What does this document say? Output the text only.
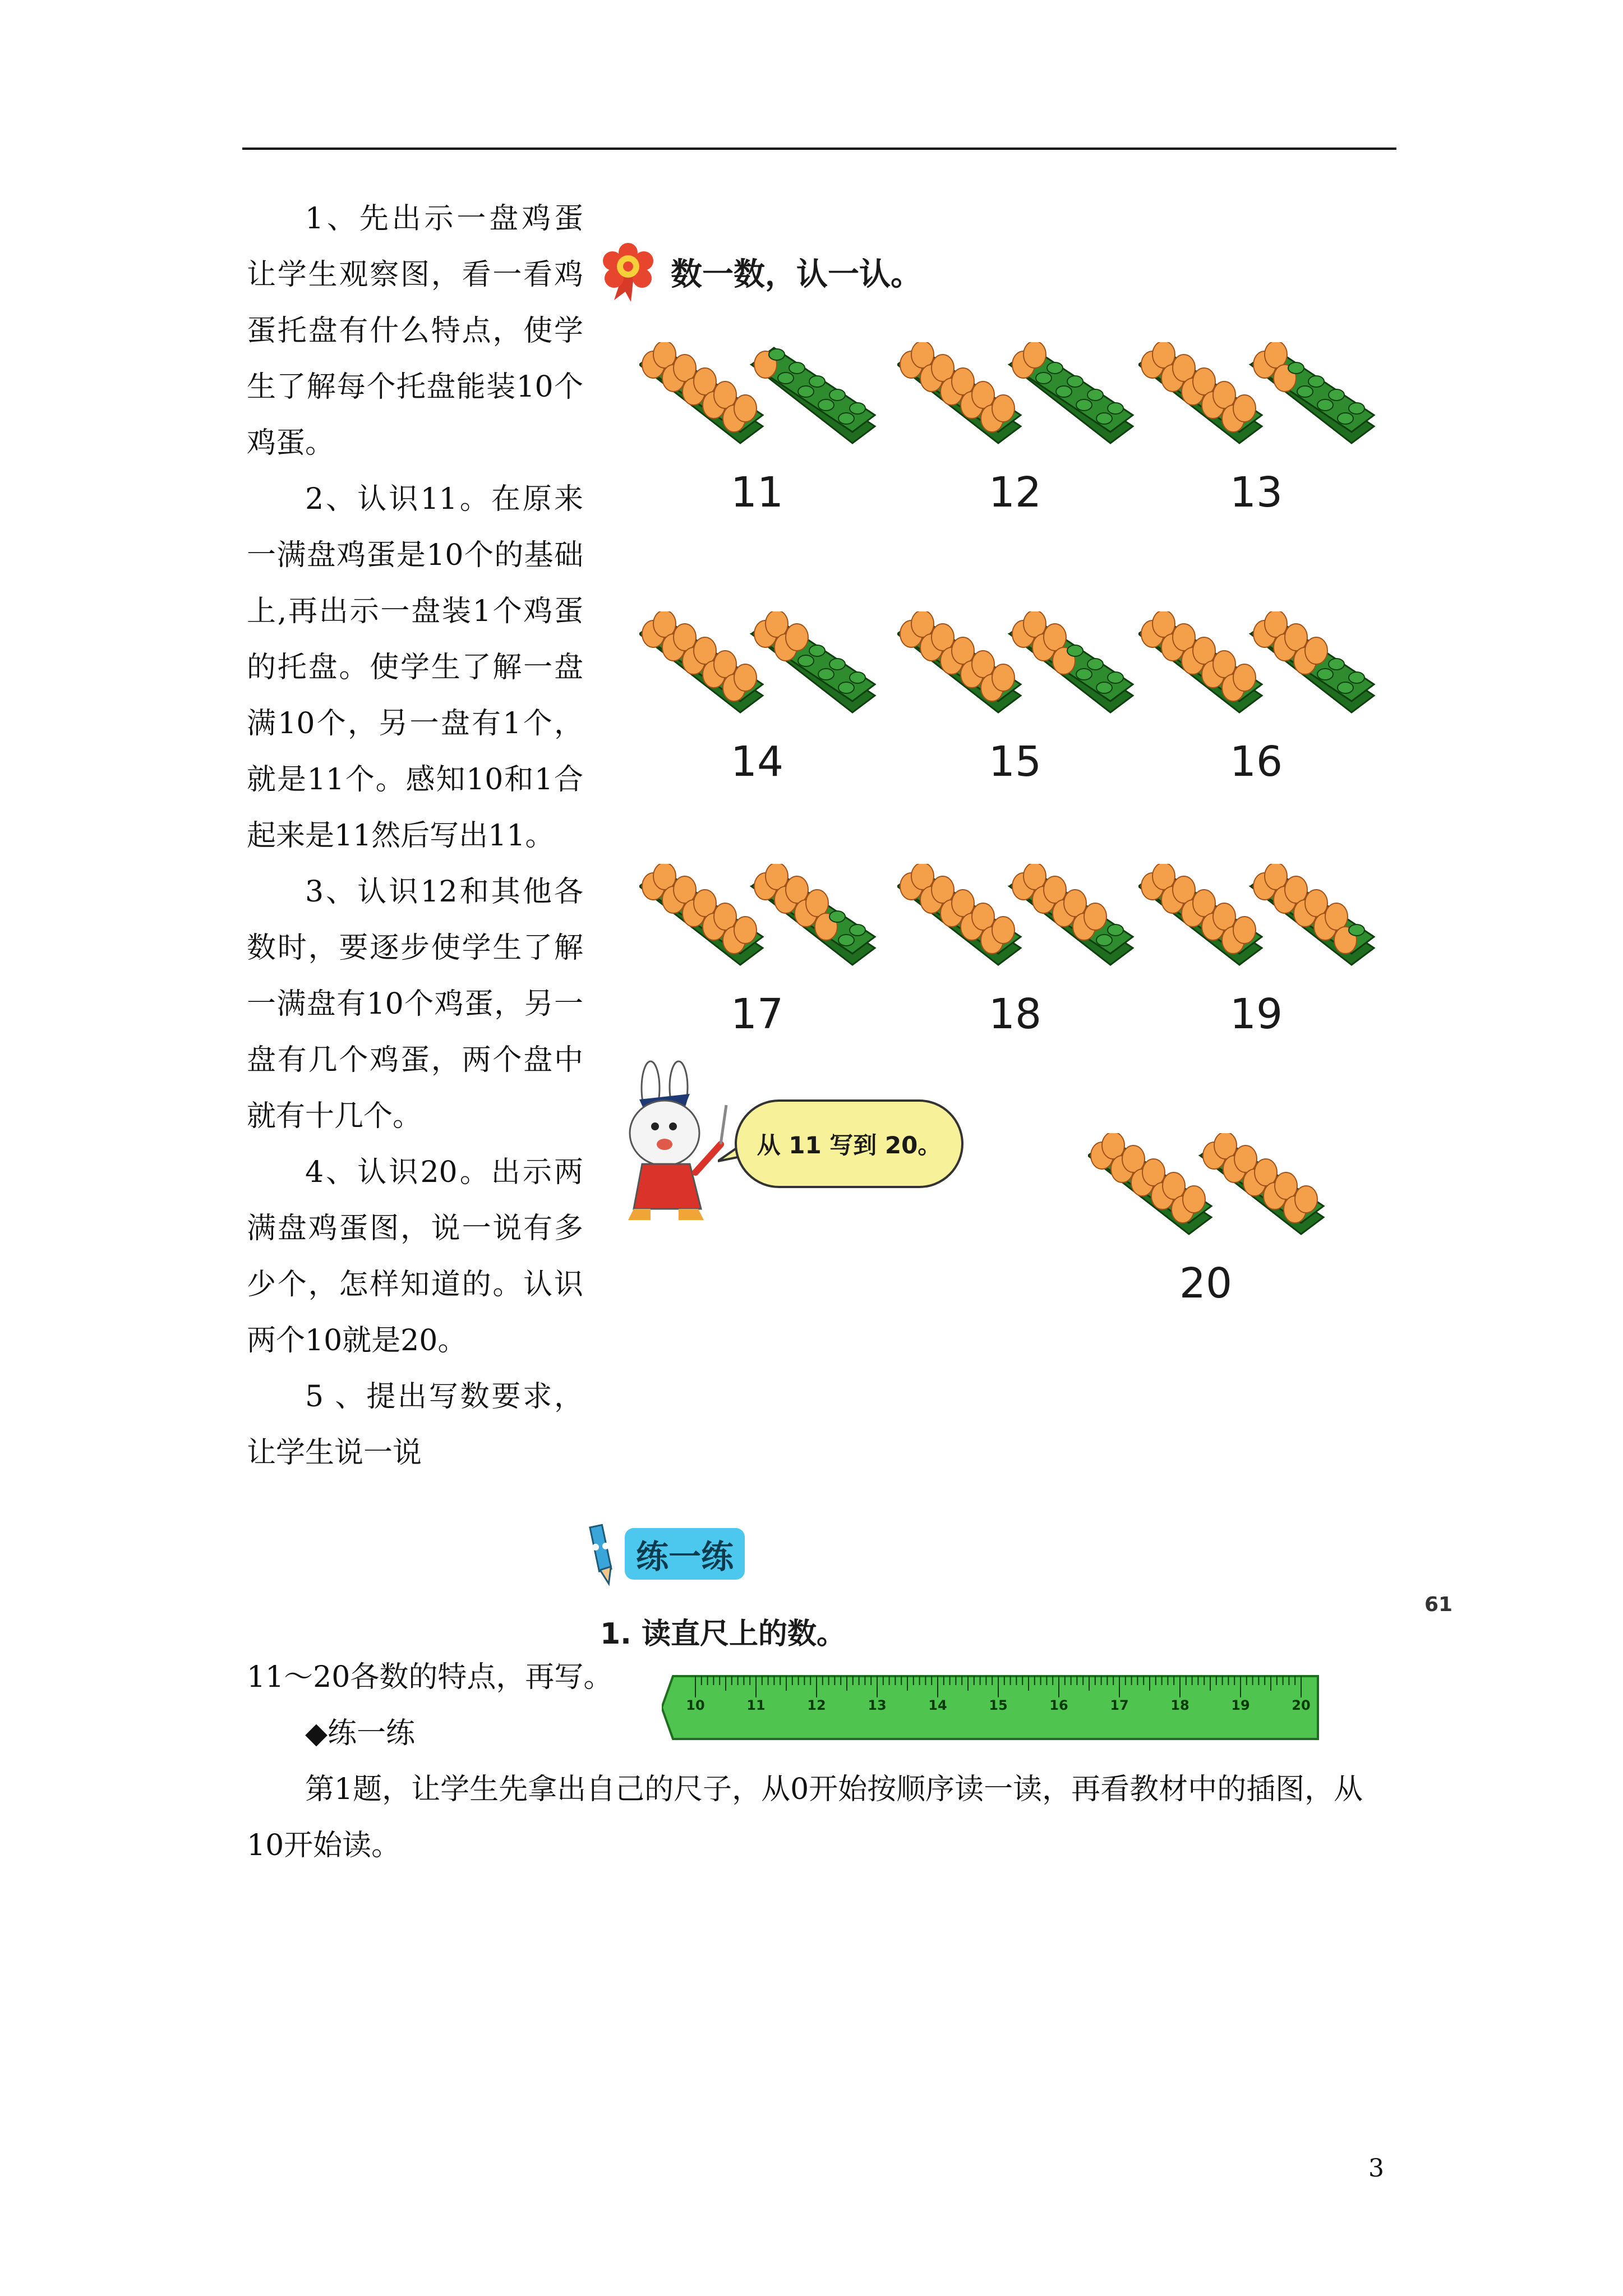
1、先出示一盘鸡蛋让学生观察图，看一看鸡蛋托盘有什么特点，使学生了解每个托盘能装10个鸡蛋。

2、认识11。在原来一满盘鸡蛋是10个的基础上,再出示一盘装1个鸡蛋的托盘。使学生了解一盘满10个，另一盘有1个，就是11个。感知10和1合起来是11然后写出11。

3、认识12和其他各数时，要逐步使学生了解一满盘有10个鸡蛋，另一盘有几个鸡蛋，两个盘中就有十几个。

4、认识20。出示两满盘鸡蛋图，说一说有多少个，怎样知道的。认识两个10就是20。

5 、提出写数要求， 让学生说一说

11～20各数的特点，再写。

◆练一练

第1题，让学生先拿出自己的尺子，从0开始按顺序读一读，再看教材中的插图，从10开始读。

数一数，认一认。
11	12	13
14	15	16
17	18	19
20
从 11 写到 20。
练一练
1. 读直尺上的数。
10	11	12	13	14	15	16	17	18	19	20
61
3
